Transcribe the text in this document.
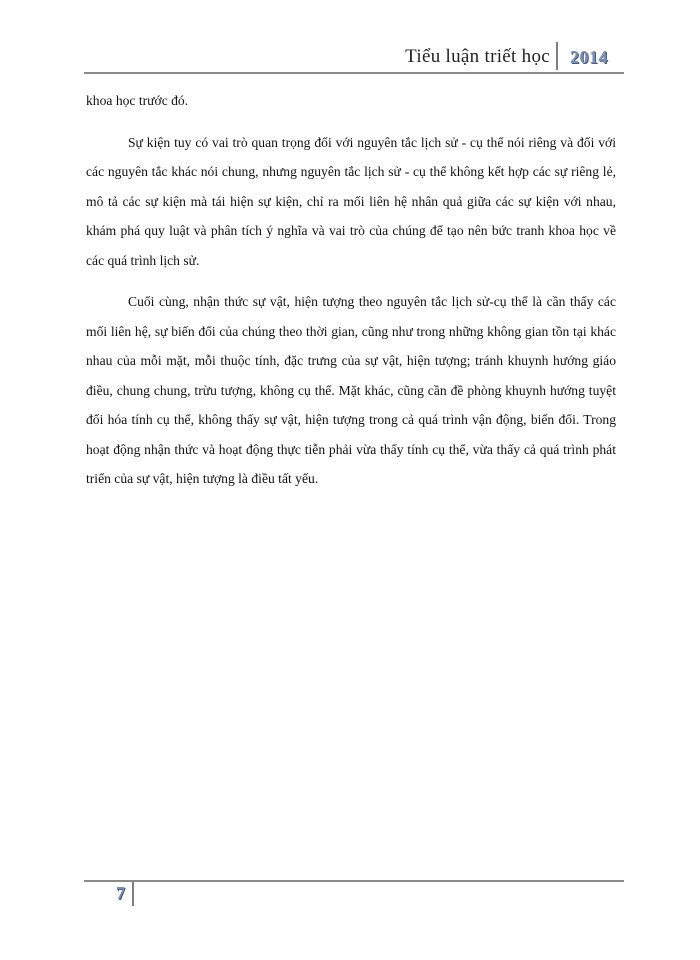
Tiểu luận triết học 2014

khoa học trước đó.

Sự kiện tuy có vai trò quan trọng đối với nguyên tắc lịch sử - cụ thể nói riêng và đối với các nguyên tắc khác nói chung, nhưng nguyên tắc lịch sử - cụ thể không kết hợp các sự riêng lẻ, mô tả các sự kiện mà tái hiện sự kiện, chỉ ra mối liên hệ nhân quả giữa các sự kiện với nhau, khám phá quy luật và phân tích ý nghĩa và vai trò của chúng để tạo nên bức tranh khoa học về các quá trình lịch sử.

Cuối cùng, nhận thức sự vật, hiện tượng theo nguyên tắc lịch sử-cụ thể là cần thấy các mối liên hệ, sự biến đổi của chúng theo thời gian, cũng như trong những không gian tồn tại khác nhau của mỗi mặt, mỗi thuộc tính, đặc trưng của sự vật, hiện tượng; tránh khuynh hướng giáo điều, chung chung, trừu tượng, không cụ thể. Mặt khác, cũng cần đề phòng khuynh hướng tuyệt đối hóa tính cụ thể, không thấy sự vật, hiện tượng trong cả quá trình vận động, biến đổi. Trong hoạt động nhận thức và hoạt động thực tiễn phải vừa thấy tính cụ thể, vừa thấy cả quá trình phát triển của sự vật, hiện tượng là điều tất yếu.

7
